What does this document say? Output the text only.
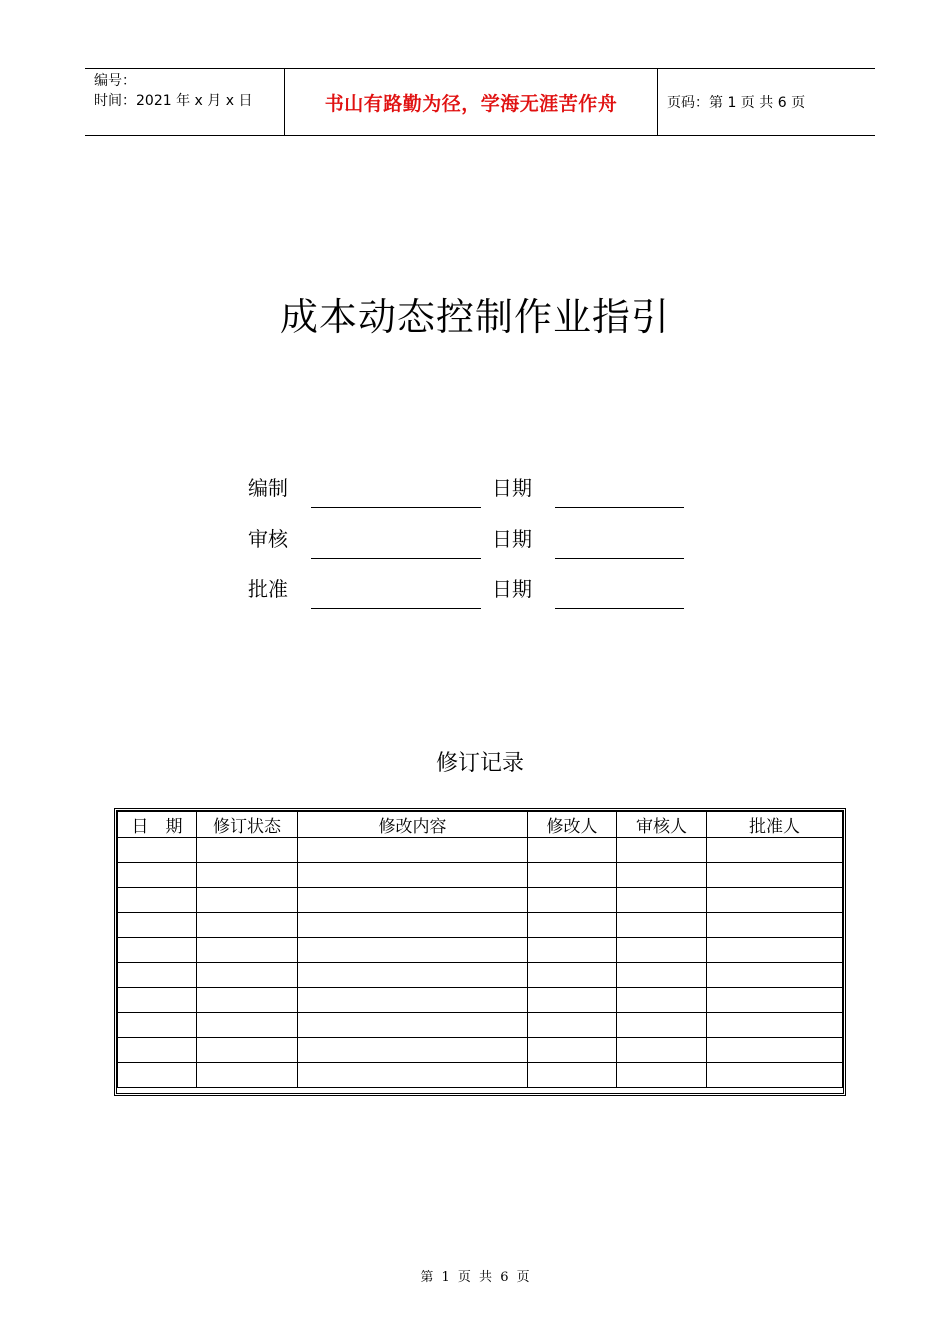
编号：
时间：2021 年 x 月 x 日	书山有路勤为径，学海无涯苦作舟	页码：第 1 页 共 6 页
成本动态控制作业指引
编制	日期
审核	日期
批准	日期
修订记录
日　期	修订状态	修改内容	修改人	审核人	批准人

第 1 页 共 6 页
